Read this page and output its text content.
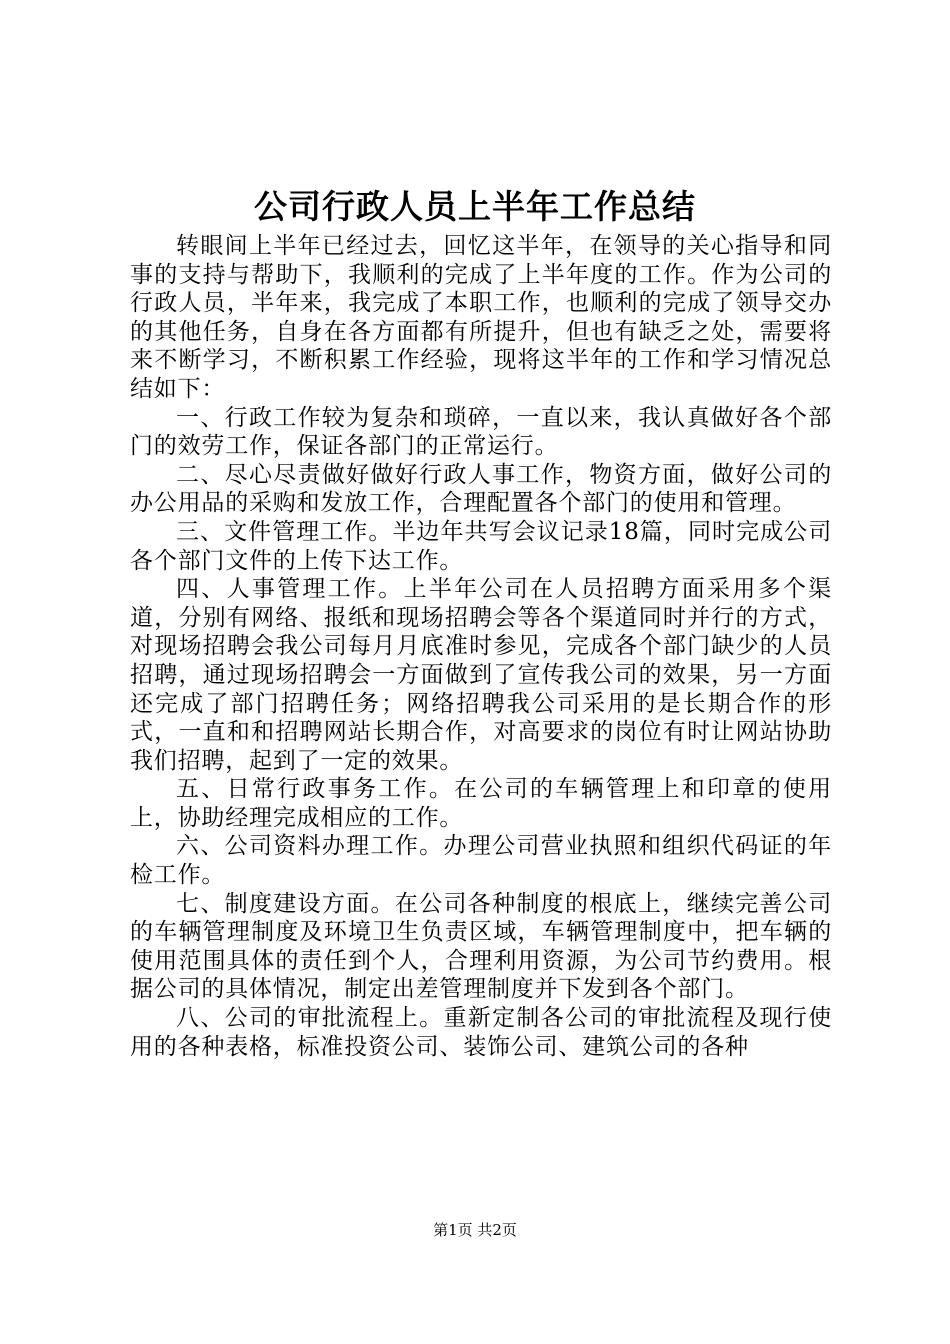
公司行政人员上半年工作总结

转眼间上半年已经过去，回忆这半年，在领导的关心指导和同事的支持与帮助下，我顺利的完成了上半年度的工作。作为公司的行政人员，半年来，我完成了本职工作，也顺利的完成了领导交办的其他任务，自身在各方面都有所提升，但也有缺乏之处，需要将来不断学习，不断积累工作经验，现将这半年的工作和学习情况总结如下：

一、行政工作较为复杂和琐碎，一直以来，我认真做好各个部门的效劳工作，保证各部门的正常运行。

二、尽心尽责做好做好行政人事工作，物资方面，做好公司的办公用品的采购和发放工作，合理配置各个部门的使用和管理。

三、文件管理工作。半边年共写会议记录18篇，同时完成公司各个部门文件的上传下达工作。

四、人事管理工作。上半年公司在人员招聘方面采用多个渠道，分别有网络、报纸和现场招聘会等各个渠道同时并行的方式，对现场招聘会我公司每月月底准时参见，完成各个部门缺少的人员招聘，通过现场招聘会一方面做到了宣传我公司的效果，另一方面还完成了部门招聘任务；网络招聘我公司采用的是长期合作的形式，一直和和招聘网站长期合作，对高要求的岗位有时让网站协助我们招聘，起到了一定的效果。

五、日常行政事务工作。在公司的车辆管理上和印章的使用上，协助经理完成相应的工作。

六、公司资料办理工作。办理公司营业执照和组织代码证的年检工作。

七、制度建设方面。在公司各种制度的根底上，继续完善公司的车辆管理制度及环境卫生负责区域，车辆管理制度中，把车辆的使用范围具体的责任到个人，合理利用资源，为公司节约费用。根据公司的具体情况，制定出差管理制度并下发到各个部门。

八、公司的审批流程上。重新定制各公司的审批流程及现行使用的各种表格，标准投资公司、装饰公司、建筑公司的各种

第1页 共2页
